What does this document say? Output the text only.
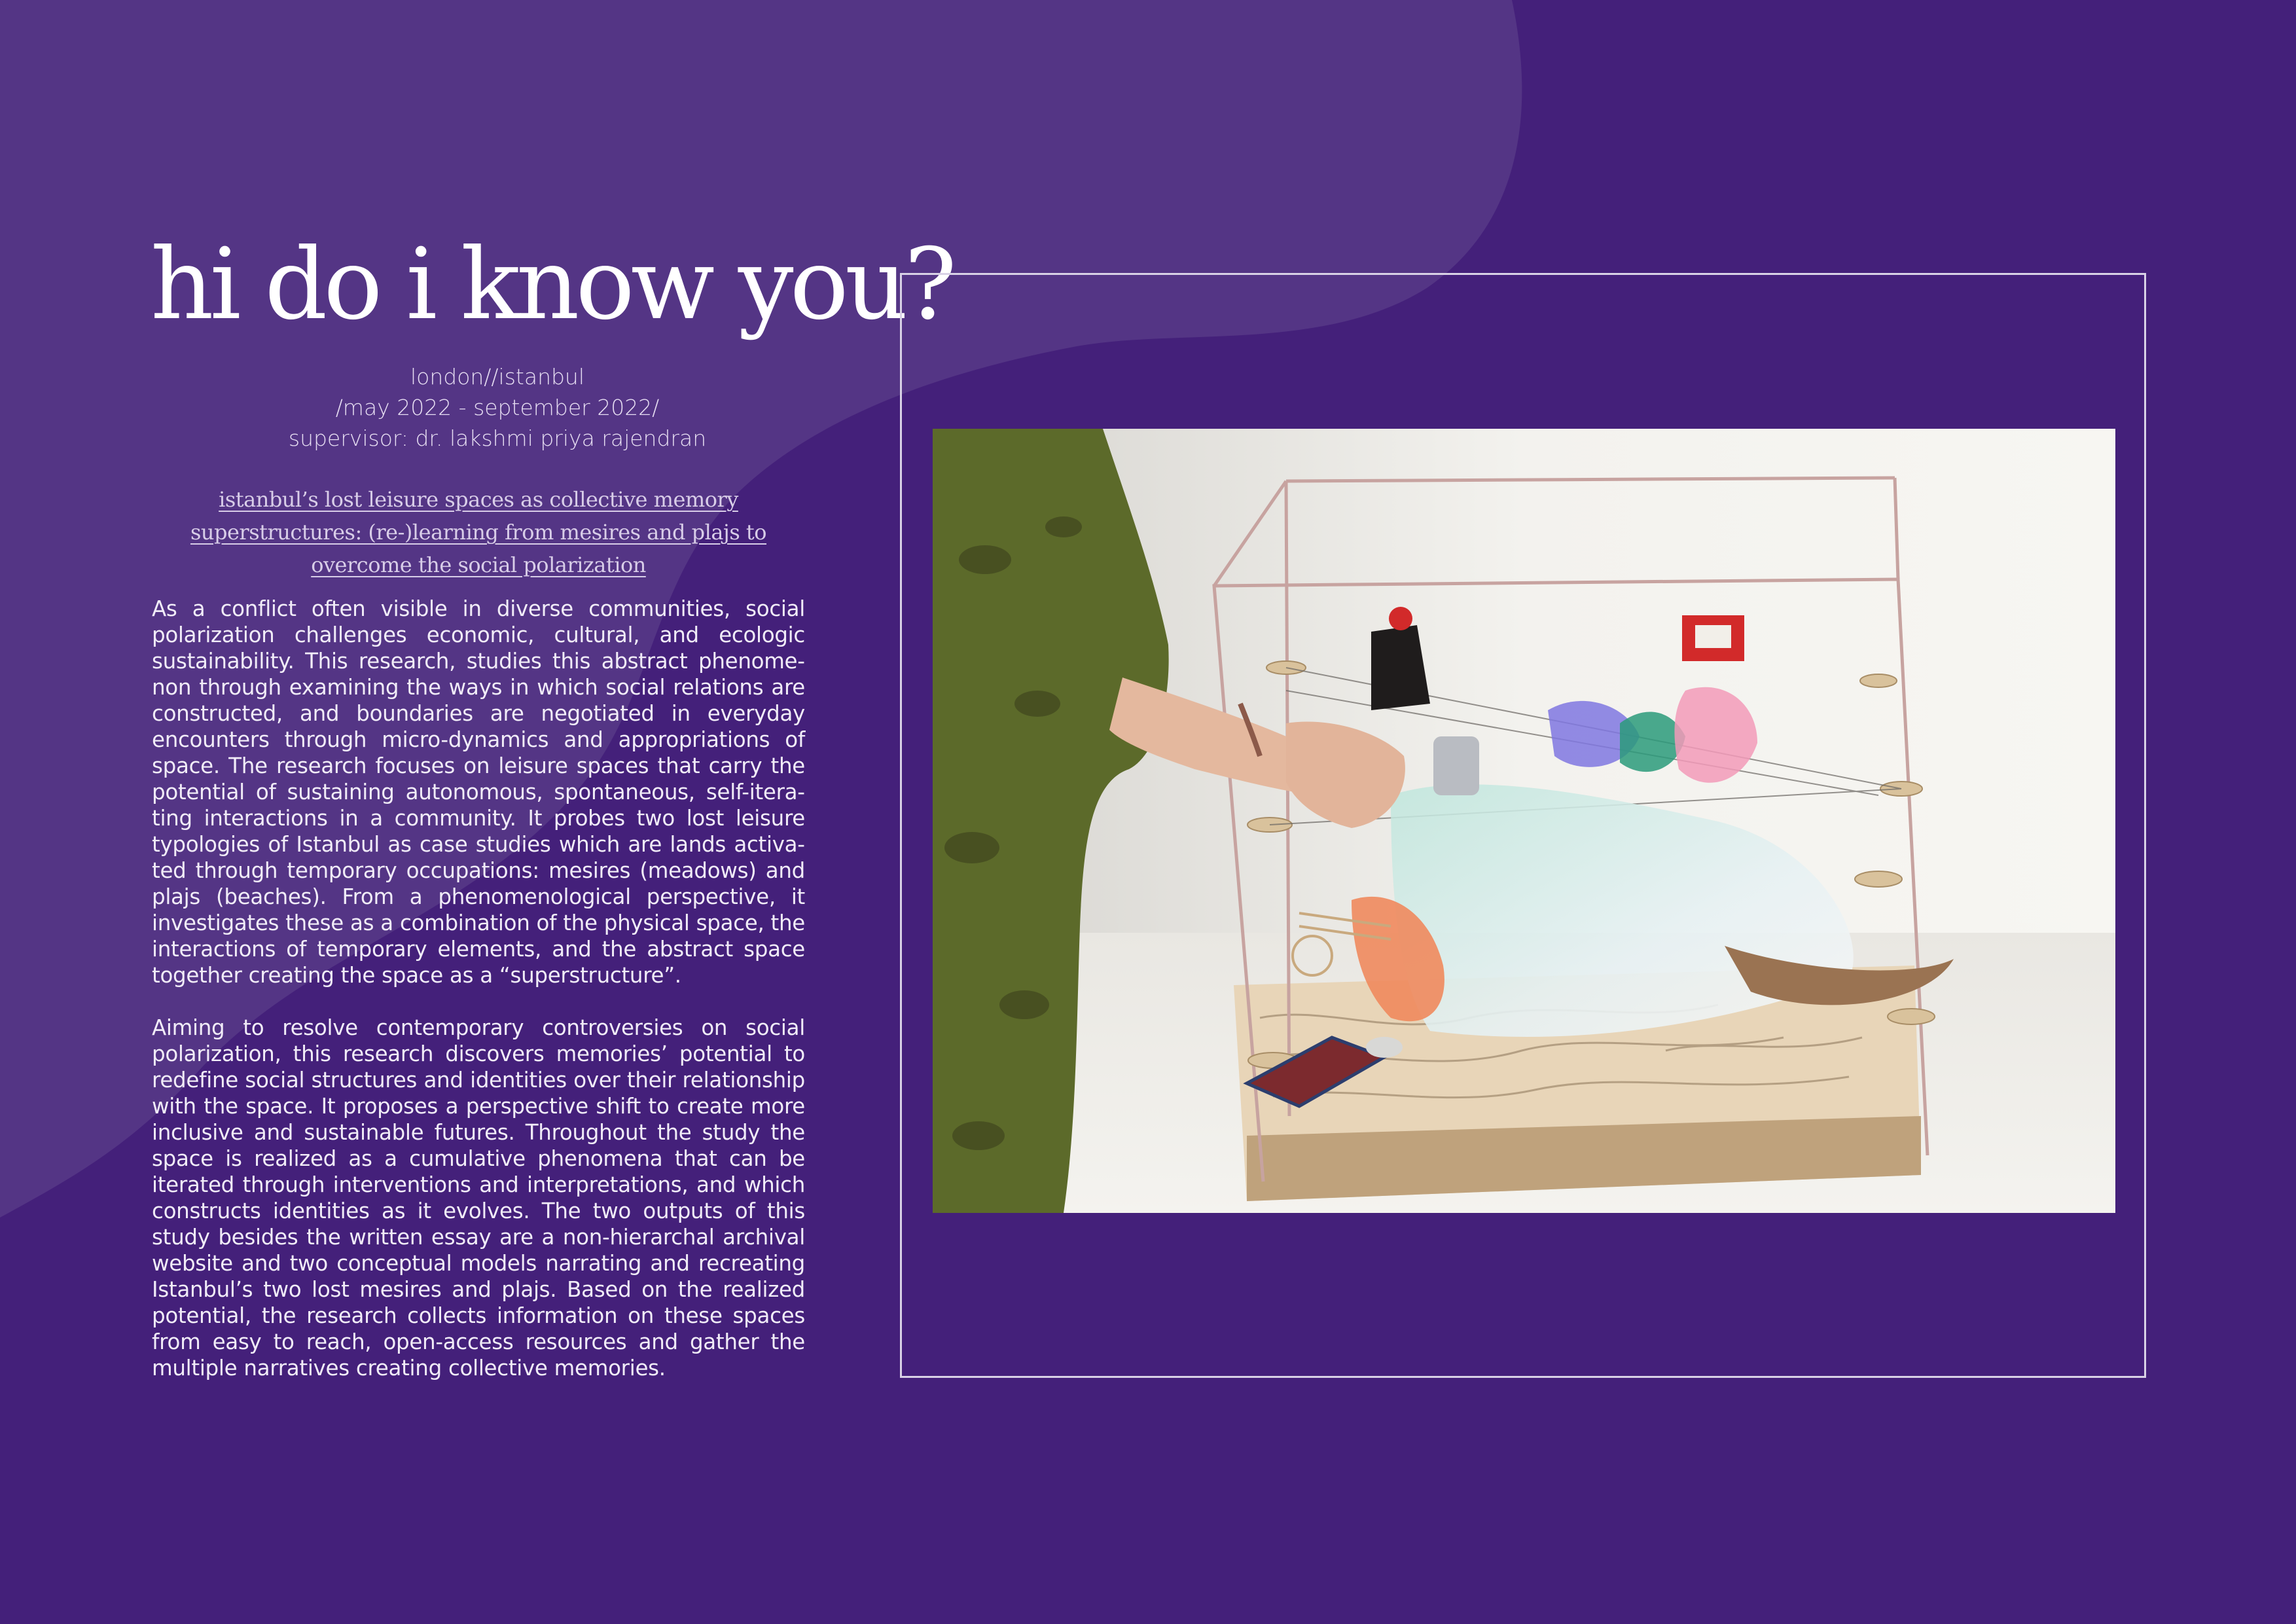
hi do i know you?
london//istanbul
/may 2022 - september 2022/
supervisor: dr. lakshmi priya rajendran
istanbul’s lost leisure spaces as collective memory superstructures: (re-)learning from mesires and plajs to overcome the social polarization

As a conflict often visible in diverse communities, social polarization challenges economic, cultural, and ecologic sustainability. This research, studies this abstract phenomenon through examining the ways in which social relations are constructed, and boundaries are negotiated in everyday encounters through micro-dynamics and appropriations of space. The research focuses on leisure spaces that carry the potential of sustaining autonomous, spontaneous, self-iterating interactions in a community. It probes two lost leisure typologies of Istanbul as case studies which are lands activated through temporary occupations: mesires (meadows) and plajs (beaches). From a phenomenological perspective, it investigates these as a combination of the physical space, the interactions of temporary elements, and the abstract space together creating the space as a “superstructure”.

Aiming to resolve contemporary controversies on social polarization, this research discovers memories’ potential to redefine social structures and identities over their relationship with the space. It proposes a perspective shift to create more inclusive and sustainable futures. Throughout the study the space is realized as a cumulative phenomena that can be iterated through interventions and interpretations, and which constructs identities as it evolves. The two outputs of this study besides the written essay are a non-hierarchal archival website and two conceptual models narrating and recreating Istanbul’s two lost mesires and plajs. Based on the realized potential, the research collects information on these spaces from easy to reach, open-access resources and gather the multiple narratives creating collective memories.
